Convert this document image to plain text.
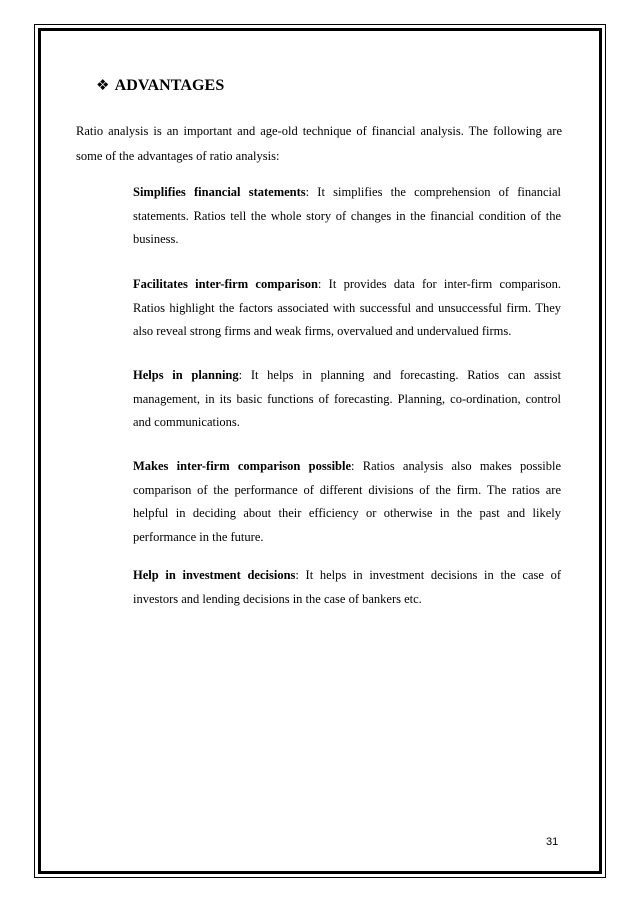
❖ ADVANTAGES

Ratio analysis is an important and age-old technique of financial analysis. The following are some of the advantages of ratio analysis:

Simplifies financial statements: It simplifies the comprehension of financial statements. Ratios tell the whole story of changes in the financial condition of the business.

Facilitates inter-firm comparison: It provides data for inter-firm comparison. Ratios highlight the factors associated with successful and unsuccessful firm. They also reveal strong firms and weak firms, overvalued and undervalued firms.

Helps in planning: It helps in planning and forecasting. Ratios can assist management, in its basic functions of forecasting. Planning, co-ordination, control and communications.

Makes inter-firm comparison possible: Ratios analysis also makes possible comparison of the performance of different divisions of the firm. The ratios are helpful in deciding about their efficiency or otherwise in the past and likely performance in the future.

Help in investment decisions: It helps in investment decisions in the case of investors and lending decisions in the case of bankers etc.

31
